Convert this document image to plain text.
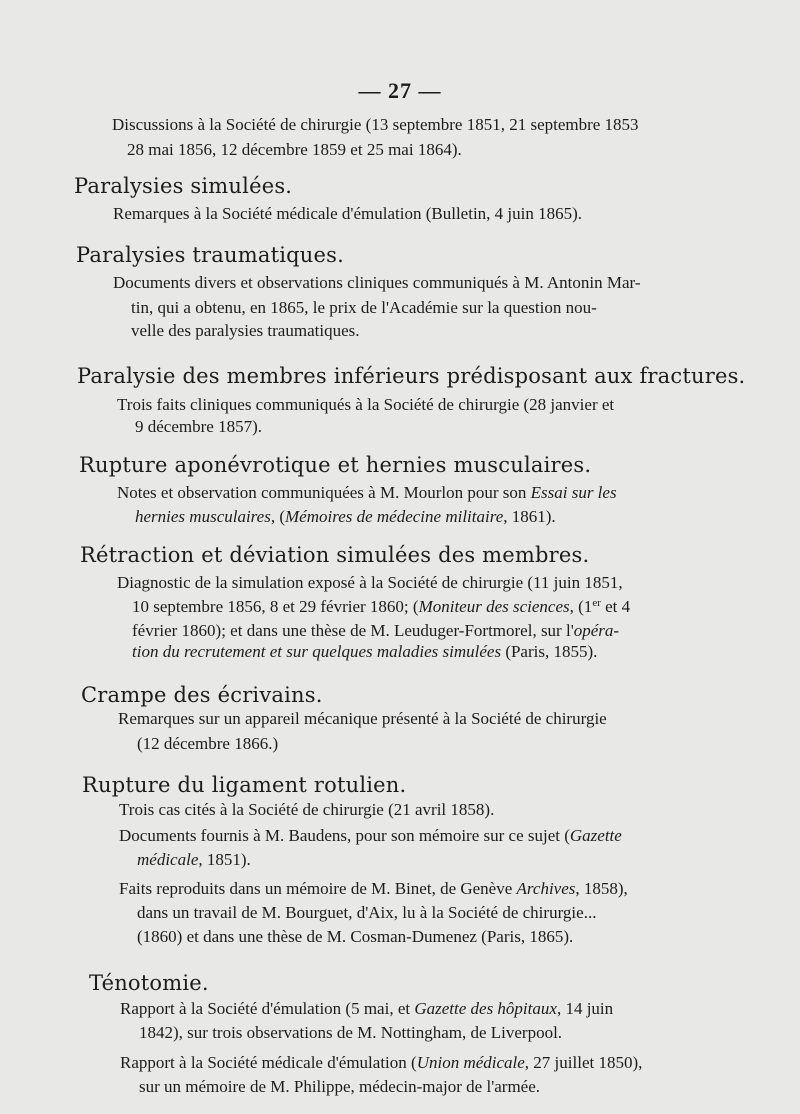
— 27 —
Discussions à la Société de chirurgie (13 septembre 1851, 21 septembre 1853
28 mai 1856, 12 décembre 1859 et 25 mai 1864).
Paralysies simulées.
Remarques à la Société médicale d'émulation (Bulletin, 4 juin 1865).
Paralysies traumatiques.
Documents divers et observations cliniques communiqués à M. Antonin Mar-
tin, qui a obtenu, en 1865, le prix de l'Académie sur la question nou-
velle des paralysies traumatiques.
Paralysie des membres inférieurs prédisposant aux fractures.
Trois faits cliniques communiqués à la Société de chirurgie (28 janvier et
9 décembre 1857).
Rupture aponévrotique et hernies musculaires.
Notes et observation communiquées à M. Mourlon pour son Essai sur les
hernies musculaires, (Mémoires de médecine militaire, 1861).
Rétraction et déviation simulées des membres.
Diagnostic de la simulation exposé à la Société de chirurgie (11 juin 1851,
10 septembre 1856, 8 et 29 février 1860; (Moniteur des sciences, (1er et 4
février 1860); et dans une thèse de M. Leuduger-Fortmorel, sur l'opéra-
tion du recrutement et sur quelques maladies simulées (Paris, 1855).
Crampe des écrivains.
Remarques sur un appareil mécanique présenté à la Société de chirurgie
(12 décembre 1866.)
Rupture du ligament rotulien.
Trois cas cités à la Société de chirurgie (21 avril 1858).
Documents fournis à M. Baudens, pour son mémoire sur ce sujet (Gazette
médicale, 1851).
Faits reproduits dans un mémoire de M. Binet, de Genève Archives, 1858),
dans un travail de M. Bourguet, d'Aix, lu à la Société de chirurgie...
(1860) et dans une thèse de M. Cosman-Dumenez (Paris, 1865).
Ténotomie.
Rapport à la Société d'émulation (5 mai, et Gazette des hôpitaux, 14 juin
1842), sur trois observations de M. Nottingham, de Liverpool.
Rapport à la Société médicale d'émulation (Union médicale, 27 juillet 1850),
sur un mémoire de M. Philippe, médecin-major de l'armée.
